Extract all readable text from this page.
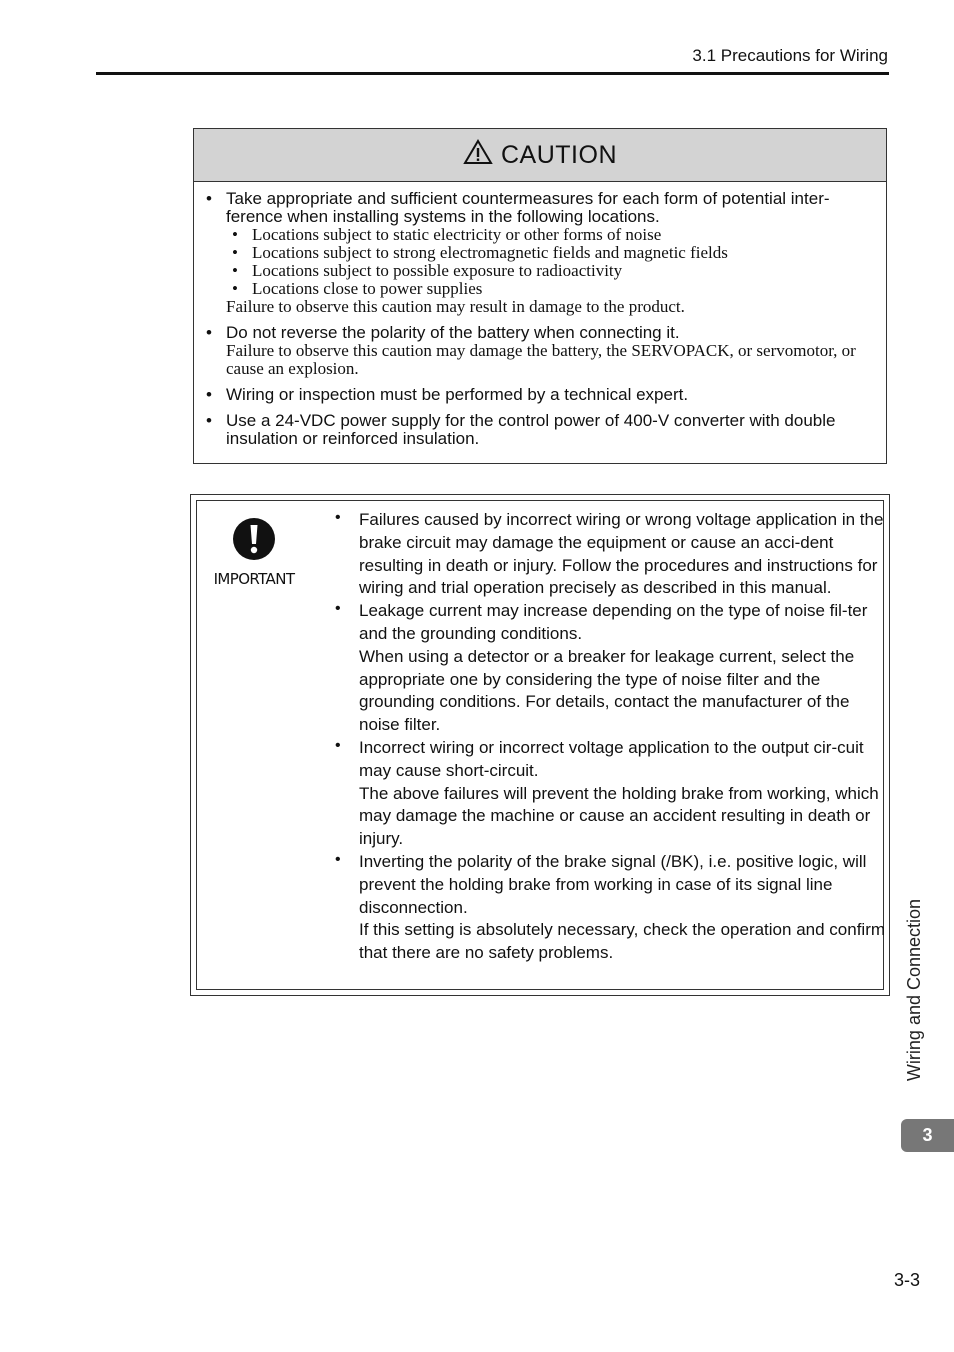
3.1 Precautions for Wiring
CAUTION
• Take appropriate and sufficient countermeasures for each form of potential inter-ference when installing systems in the following locations.
• Locations subject to static electricity or other forms of noise
• Locations subject to strong electromagnetic fields and magnetic fields
• Locations subject to possible exposure to radioactivity
• Locations close to power supplies
Failure to observe this caution may result in damage to the product.
• Do not reverse the polarity of the battery when connecting it.
Failure to observe this caution may damage the battery, the SERVOPACK, or servomotor, or cause an explosion.
• Wiring or inspection must be performed by a technical expert.
• Use a 24-VDC power supply for the control power of 400-V converter with double insulation or reinforced insulation.
IMPORTANT
• Failures caused by incorrect wiring or wrong voltage application in the brake circuit may damage the equipment or cause an acci-dent resulting in death or injury. Follow the procedures and instructions for wiring and trial operation precisely as described in this manual.

• Leakage current may increase depending on the type of noise fil-ter and the grounding conditions.

When using a detector or a breaker for leakage current, select the appropriate one by considering the type of noise filter and the grounding conditions. For details, contact the manufacturer of the noise filter.

• Incorrect wiring or incorrect voltage application to the output cir-cuit may cause short-circuit.

The above failures will prevent the holding brake from working, which may damage the machine or cause an accident resulting in death or injury.

• Inverting the polarity of the brake signal (/BK), i.e. positive logic, will prevent the holding brake from working in case of its signal line disconnection.

If this setting is absolutely necessary, check the operation and confirm that there are no safety problems.	Wiring and Connection
3
3-3
